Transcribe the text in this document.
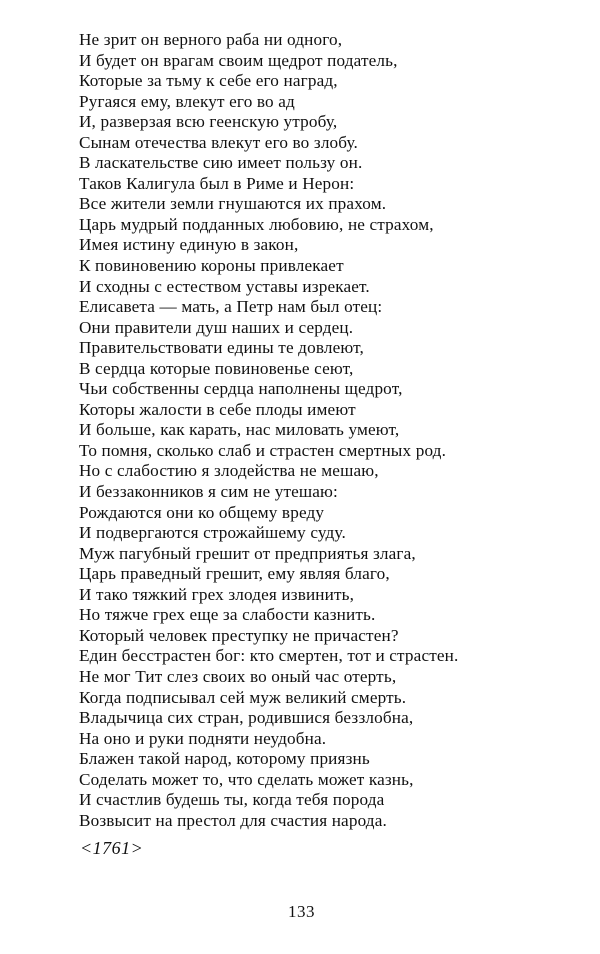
Не зрит он верного раба ни одного,
И будет он врагам своим щедрот податель,
Которые за тьму к себе его наград,
Ругаяся ему, влекут его во ад
И, разверзая всю геенскую утробу,
Сынам отечества влекут его во злобу.
В ласкательстве сию имеет пользу он.
Таков Калигула был в Риме и Нерон:
Все жители земли гнушаются их прахом.
Царь мудрый подданных любовию, не страхом,
Имея истину единую в закон,
К повиновению короны привлекает
И сходны с естеством уставы изрекает.
Елисавета — мать, а Петр нам был отец:
Они правители душ наших и сердец.
Правительствовати едины те довлеют,
В сердца которые повиновенье сеют,
Чьи собственны сердца наполнены щедрот,
Которы жалости в себе плоды имеют
И больше, как карать, нас миловать умеют,
То помня, сколько слаб и страстен смертных род.
Но с слабостию я злодейства не мешаю,
И беззаконников я сим не утешаю:
Рождаются они ко общему вреду
И подвергаются строжайшему суду.
Муж пагубный грешит от предприятья злага,
Царь праведный грешит, ему являя благо,
И тако тяжкий грех злодея извинить,
Но тяжче грех еще за слабости казнить.
Который человек преступку не причастен?
Един бесстрастен бог: кто смертен, тот и страстен.
Не мог Тит слез своих во оный час отерть,
Когда подписывал сей муж великий смерть.
Владычица сих стран, родившися беззлобна,
На оно и руки подняти неудобна.
Блажен такой народ, которому приязнь
Соделать может то, что сделать может казнь,
И счастлив будешь ты, когда тебя порода
Возвысит на престол для счастия народа.
<1761>
133
